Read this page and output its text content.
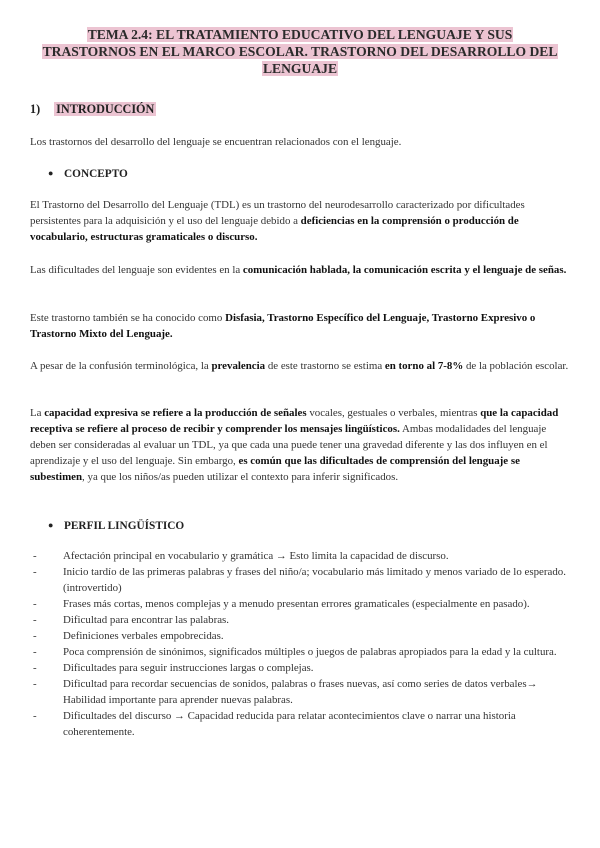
TEMA 2.4: EL TRATAMIENTO EDUCATIVO DEL LENGUAJE Y SUS
TRASTORNOS EN EL MARCO ESCOLAR. TRASTORNO DEL DESARROLLO DEL
LENGUAJE
1) INTRODUCCIÓN
Los trastornos del desarrollo del lenguaje se encuentran relacionados con el lenguaje.
● CONCEPTO
El Trastorno del Desarrollo del Lenguaje (TDL) es un trastorno del neurodesarrollo caracterizado por dificultades persistentes para la adquisición y el uso del lenguaje debido a deficiencias en la comprensión o producción de vocabulario, estructuras gramaticales o discurso.
Las dificultades del lenguaje son evidentes en la comunicación hablada, la comunicación escrita y el lenguaje de señas.
Este trastorno también se ha conocido como Disfasia, Trastorno Específico del Lenguaje, Trastorno Expresivo o Trastorno Mixto del Lenguaje.
A pesar de la confusión terminológica, la prevalencia de este trastorno se estima en torno al 7-8% de la población escolar.
La capacidad expresiva se refiere a la producción de señales vocales, gestuales o verbales, mientras que la capacidad receptiva se refiere al proceso de recibir y comprender los mensajes lingüísticos. Ambas modalidades del lenguaje deben ser consideradas al evaluar un TDL, ya que cada una puede tener una gravedad diferente y las dos influyen en el aprendizaje y el uso del lenguaje. Sin embargo, es común que las dificultades de comprensión del lenguaje se subestimen, ya que los niños/as pueden utilizar el contexto para inferir significados.
● PERFIL LINGÜÍSTICO
- Afectación principal en vocabulario y gramática → Esto limita la capacidad de discurso.
- Inicio tardío de las primeras palabras y frases del niño/a; vocabulario más limitado y menos variado de lo esperado. (introvertido)
- Frases más cortas, menos complejas y a menudo presentan errores gramaticales (especialmente en pasado).
- Dificultad para encontrar las palabras.
- Definiciones verbales empobrecidas.
- Poca comprensión de sinónimos, significados múltiples o juegos de palabras apropiados para la edad y la cultura.
- Dificultades para seguir instrucciones largas o complejas.
- Dificultad para recordar secuencias de sonidos, palabras o frases nuevas, así como series de datos verbales→ Habilidad importante para aprender nuevas palabras.
- Dificultades del discurso → Capacidad reducida para relatar acontecimientos clave o narrar una historia coherentemente.
